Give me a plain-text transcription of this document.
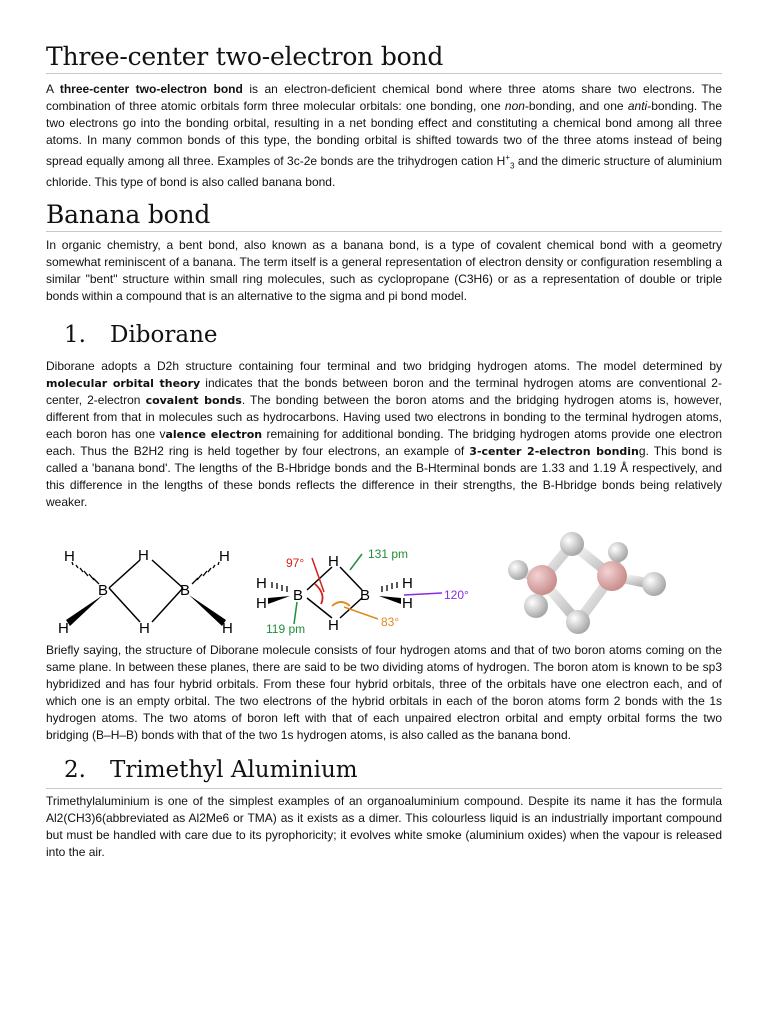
Three-center two-electron bond

A three-center two-electron bond is an electron-deficient chemical bond where three atoms share two electrons. The combination of three atomic orbitals form three molecular orbitals: one bonding, one non-bonding, and one anti-bonding. The two electrons go into the bonding orbital, resulting in a net bonding effect and constituting a chemical bond among all three atoms. In many common bonds of this type, the bonding orbital is shifted towards two of the three atoms instead of being spread equally among all three. Examples of 3c-2e bonds are the trihydrogen cation $H^+_3$ and the dimeric structure of aluminium chloride. This type of bond is also called banana bond.

Banana bond

In organic chemistry, a bent bond, also known as a banana bond, is a type of covalent chemical bond with a geometry somewhat reminiscent of a banana. The term itself is a general representation of electron density or configuration resembling a similar "bent" structure within small ring molecules, such as cyclopropane (C3H6) or as a representation of double or triple bonds within a compound that is an alternative to the sigma and pi bond model.

1. Diborane

Diborane adopts a D2h structure containing four terminal and two bridging hydrogen atoms. The model determined by molecular orbital theory indicates that the bonds between boron and the terminal hydrogen atoms are conventional 2-center, 2-electron covalent bonds. The bonding between the boron atoms and the bridging hydrogen atoms is, however, different from that in molecules such as hydrocarbons. Having used two electrons in bonding to the terminal hydrogen atoms, each boron has one valence electron remaining for additional bonding. The bridging hydrogen atoms provide one electron each. Thus the B2H2 ring is held together by four electrons, an example of 3-center 2-electron bonding. This bond is called a 'banana bond'. The lengths of the B-Hbridge bonds and the B-Hterminal bonds are 1.33 and 1.19 Å respectively, and this difference in the lengths of these bonds reflects the difference in their strengths, the B-Hbridge bonds being relatively weaker.

H	H	H
B	B
H	H	H
97°
131 pm
H
H
B	B
H
H	H	120°
H	83°
119 pm

Briefly saying, the structure of Diborane molecule consists of four hydrogen atoms and that of two boron atoms coming on the same plane. In between these planes, there are said to be two dividing atoms of hydrogen. The boron atom is known to be sp3 hybridized and has four hybrid orbitals. From these four hybrid orbitals, three of the orbitals have one electron each, and of which one is an empty orbital. The two electrons of the hybrid orbitals in each of the boron atoms form 2 bonds with the 1s hydrogen atoms. The two atoms of boron left with that of each unpaired electron orbital and empty orbital forms the two bridging (B–H–B) bonds with that of the two 1s hydrogen atoms, is also called as the banana bond.

2. Trimethyl Aluminium

Trimethylaluminium is one of the simplest examples of an organoaluminium compound. Despite its name it has the formula Al2(CH3)6(abbreviated as Al2Me6 or TMA) as it exists as a dimer. This colourless liquid is an industrially important compound but must be handled with care due to its pyrophoricity; it evolves white smoke (aluminium oxides) when the vapour is released into the air.
